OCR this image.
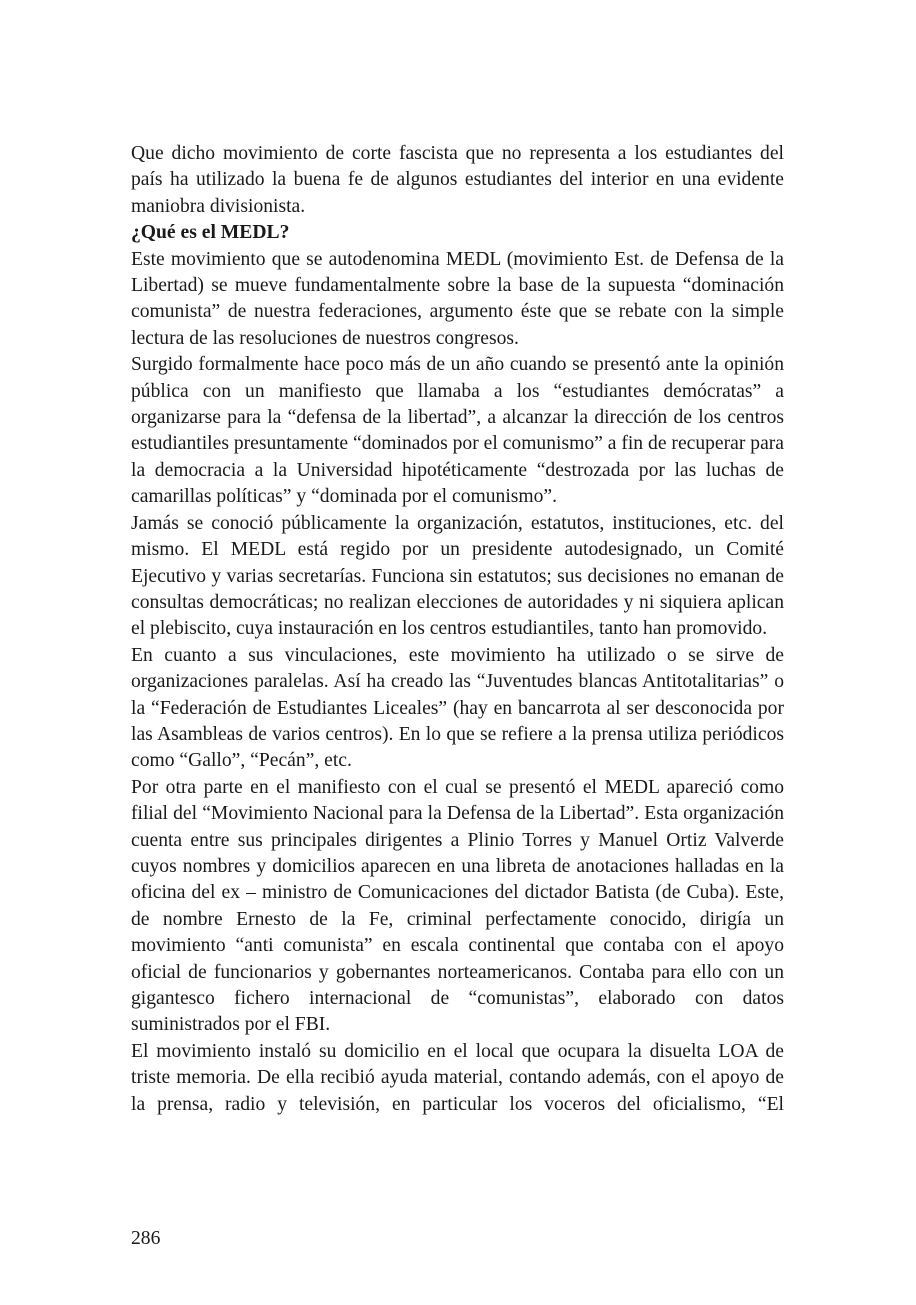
Que dicho movimiento de corte fascista que no representa a los estudiantes del país ha utilizado la buena fe de algunos estudiantes del interior en una evidente maniobra divisionista.

¿Qué es el MEDL?

Este movimiento que se autodenomina MEDL (movimiento Est. de Defensa de la Libertad) se mueve fundamentalmente sobre la base de la supuesta “dominación comunista” de nuestra federaciones, argumento éste que se rebate con la simple lectura de las resoluciones de nuestros congresos.

Surgido formalmente hace poco más de un año cuando se presentó ante la opinión pública con un manifiesto que llamaba a los “estudiantes demócratas” a organizarse para la “defensa de la libertad”, a alcanzar la dirección de los centros estudiantiles presuntamente “dominados por el comunismo” a fin de recuperar para la democracia a la Universidad hipotéticamente “destrozada por las luchas de camarillas políticas” y “dominada por el comunismo”.

Jamás se conoció públicamente la organización, estatutos, instituciones, etc. del mismo. El MEDL está regido por un presidente autodesignado, un Comité Ejecutivo y varias secretarías. Funciona sin estatutos; sus decisiones no emanan de consultas democráticas; no realizan elecciones de autoridades y ni siquiera aplican el plebiscito, cuya instauración en los centros estudiantiles, tanto han promovido.

En cuanto a sus vinculaciones, este movimiento ha utilizado o se sirve de organizaciones paralelas. Así ha creado las “Juventudes blancas Antitotalitarias” o la “Federación de Estudiantes Liceales” (hay en bancarrota al ser desconocida por las Asambleas de varios centros). En lo que se refiere a la prensa utiliza periódicos como “Gallo”, “Pecán”, etc.

Por otra parte en el manifiesto con el cual se presentó el MEDL apareció como filial del “Movimiento Nacional para la Defensa de la Libertad”. Esta organización cuenta entre sus principales dirigentes a Plinio Torres y Manuel Ortiz Valverde cuyos nombres y domicilios aparecen en una libreta de anotaciones halladas en la oficina del ex – ministro de Comunicaciones del dictador Batista (de Cuba). Este, de nombre Ernesto de la Fe, criminal perfectamente conocido, dirigía un movimiento “anti comunista” en escala continental que contaba con el apoyo oficial de funcionarios y gobernantes norteamericanos. Contaba para ello con un gigantesco fichero internacional de “comunistas”, elaborado con datos suministrados por el FBI.

El movimiento instaló su domicilio en el local que ocupara la disuelta LOA de triste memoria. De ella recibió ayuda material, contando además, con el apoyo de la prensa, radio y televisión, en particular los voceros del oficialismo, “El

286
